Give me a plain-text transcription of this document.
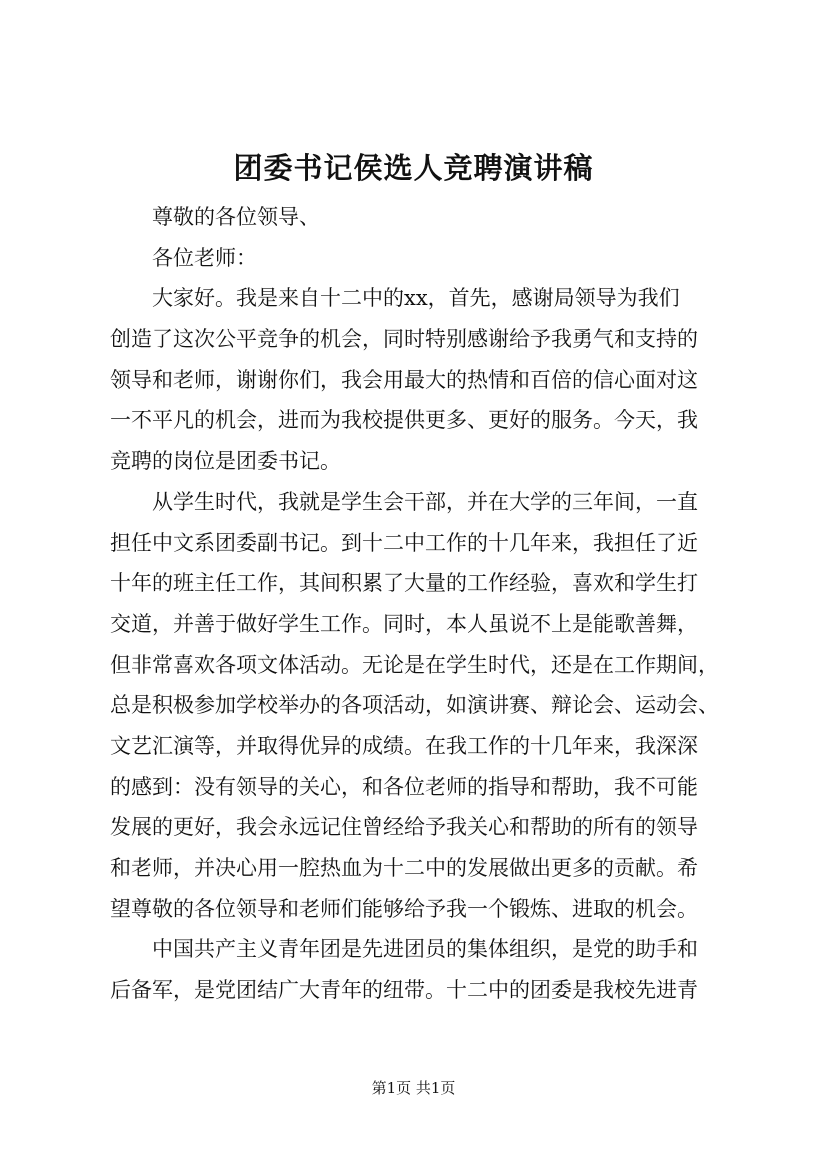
团委书记侯选人竞聘演讲稿
尊敬的各位领导、
各位老师：
大家好。我是来自十二中的xx，首先，感谢局领导为我们
创造了这次公平竞争的机会，同时特别感谢给予我勇气和支持的
领导和老师，谢谢你们，我会用最大的热情和百倍的信心面对这
一不平凡的机会，进而为我校提供更多、更好的服务。今天，我
竞聘的岗位是团委书记。
从学生时代，我就是学生会干部，并在大学的三年间，一直
担任中文系团委副书记。到十二中工作的十几年来，我担任了近
十年的班主任工作，其间积累了大量的工作经验，喜欢和学生打
交道，并善于做好学生工作。同时，本人虽说不上是能歌善舞，
但非常喜欢各项文体活动。无论是在学生时代，还是在工作期间，
总是积极参加学校举办的各项活动，如演讲赛、辩论会、运动会、
文艺汇演等，并取得优异的成绩。在我工作的十几年来，我深深
的感到：没有领导的关心，和各位老师的指导和帮助，我不可能
发展的更好，我会永远记住曾经给予我关心和帮助的所有的领导
和老师，并决心用一腔热血为十二中的发展做出更多的贡献。希
望尊敬的各位领导和老师们能够给予我一个锻炼、进取的机会。
中国共产主义青年团是先进团员的集体组织，是党的助手和
后备军，是党团结广大青年的纽带。十二中的团委是我校先进青
第1页 共1页
